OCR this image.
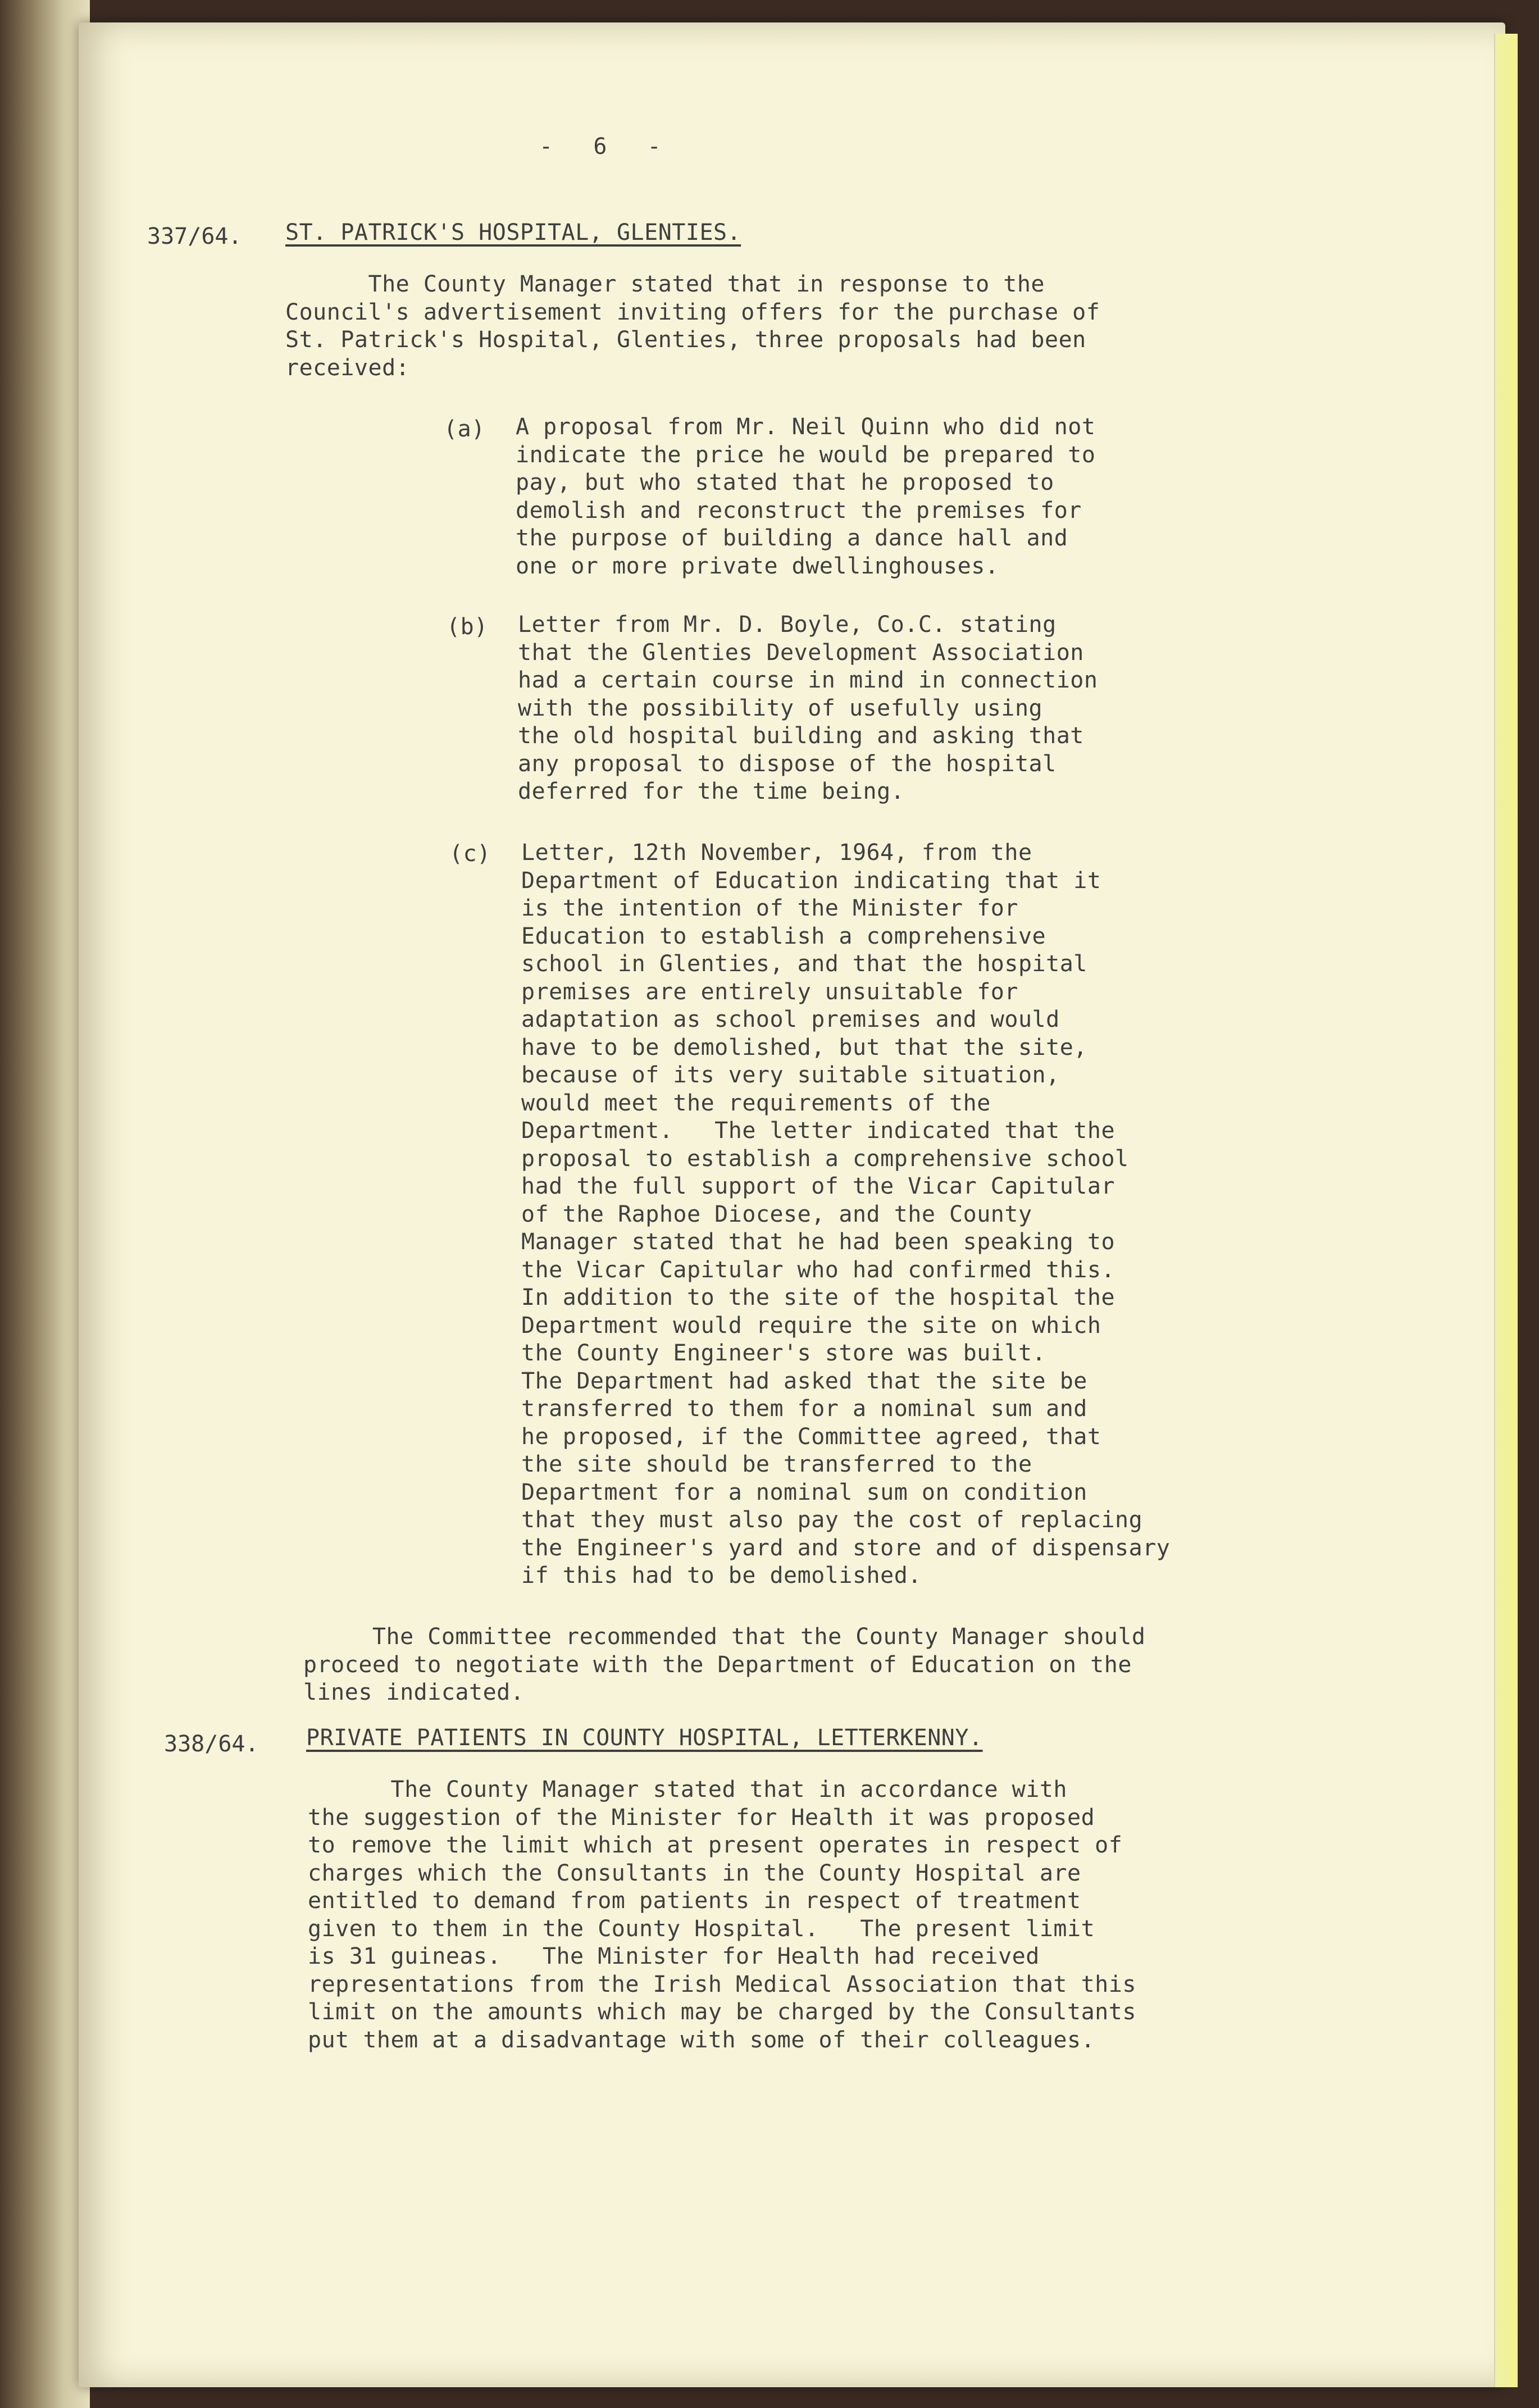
-   6   -
337/64. ST. PATRICK'S HOSPITAL, GLENTIES.
The County Manager stated that in response to the
Council's advertisement inviting offers for the purchase of
St. Patrick's Hospital, Glenties, three proposals had been
received:
(a) A proposal from Mr. Neil Quinn who did not
indicate the price he would be prepared to
pay, but who stated that he proposed to
demolish and reconstruct the premises for
the purpose of building a dance hall and
one or more private dwellinghouses.
(b) Letter from Mr. D. Boyle, Co.C. stating
that the Glenties Development Association
had a certain course in mind in connection
with the possibility of usefully using
the old hospital building and asking that
any proposal to dispose of the hospital
deferred for the time being.
(c) Letter, 12th November, 1964, from the
Department of Education indicating that it
is the intention of the Minister for
Education to establish a comprehensive
school in Glenties, and that the hospital
premises are entirely unsuitable for
adaptation as school premises and would
have to be demolished, but that the site,
because of its very suitable situation,
would meet the requirements of the
Department.   The letter indicated that the
proposal to establish a comprehensive school
had the full support of the Vicar Capitular
of the Raphoe Diocese, and the County
Manager stated that he had been speaking to
the Vicar Capitular who had confirmed this.
In addition to the site of the hospital the
Department would require the site on which
the County Engineer's store was built.
The Department had asked that the site be
transferred to them for a nominal sum and
he proposed, if the Committee agreed, that
the site should be transferred to the
Department for a nominal sum on condition
that they must also pay the cost of replacing
the Engineer's yard and store and of dispensary
if this had to be demolished.
The Committee recommended that the County Manager should
proceed to negotiate with the Department of Education on the
lines indicated.
338/64. PRIVATE PATIENTS IN COUNTY HOSPITAL, LETTERKENNY.
The County Manager stated that in accordance with
the suggestion of the Minister for Health it was proposed
to remove the limit which at present operates in respect of
charges which the Consultants in the County Hospital are
entitled to demand from patients in respect of treatment
given to them in the County Hospital.   The present limit
is 31 guineas.   The Minister for Health had received
representations from the Irish Medical Association that this
limit on the amounts which may be charged by the Consultants
put them at a disadvantage with some of their colleagues.
